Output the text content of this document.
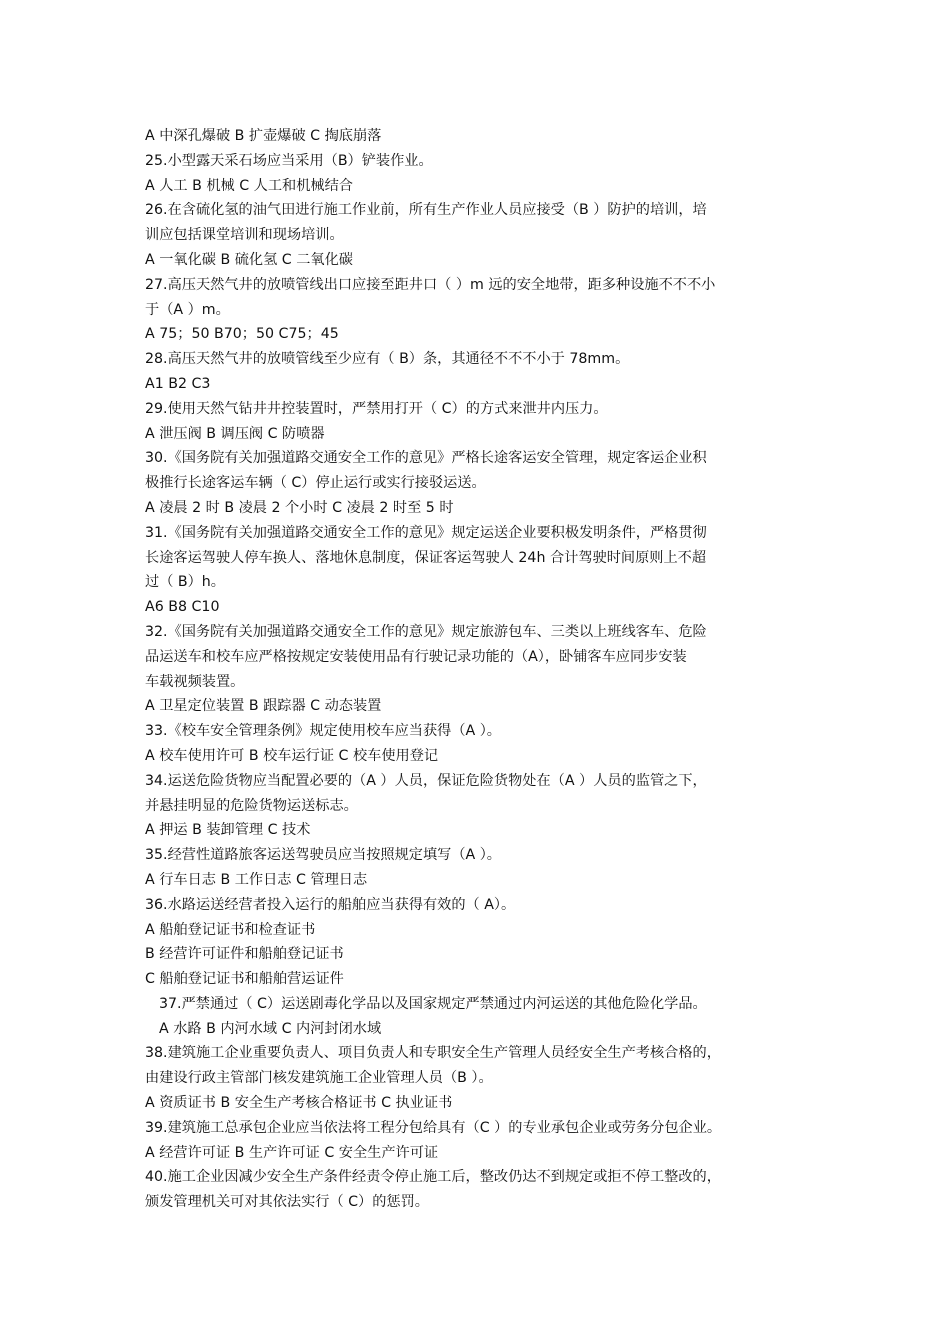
A 中深孔爆破 B 扩壶爆破 C 掏底崩落
25.小型露天采石场应当采用（B）铲装作业。
A 人工 B 机械 C 人工和机械结合
26.在含硫化氢的油气田进行施工作业前，所有生产作业人员应接受（B ）防护的培训，培
训应包括课堂培训和现场培训。
A 一氧化碳 B 硫化氢 C 二氧化碳
27.高压天然气井的放喷管线出口应接至距井口（ ）m 远的安全地带，距多种设施不不不小
于（A ）m。
A 75；50 B70；50 C75；45
28.高压天然气井的放喷管线至少应有（ B）条，其通径不不不小于 78mm。
A1 B2 C3
29.使用天然气钻井井控装置时，严禁用打开（ C）的方式来泄井内压力。
A 泄压阀 B 调压阀 C 防喷器
30.《国务院有关加强道路交通安全工作的意见》严格长途客运安全管理，规定客运企业积
极推行长途客运车辆（ C）停止运行或实行接驳运送。
A 凌晨 2 时 B 凌晨 2 个小时 C 凌晨 2 时至 5 时
31.《国务院有关加强道路交通安全工作的意见》规定运送企业要积极发明条件，严格贯彻
长途客运驾驶人停车换人、落地休息制度，保证客运驾驶人 24h 合计驾驶时间原则上不超
过（ B）h。
A6 B8 C10
32.《国务院有关加强道路交通安全工作的意见》规定旅游包车、三类以上班线客车、危险
品运送车和校车应严格按规定安装使用品有行驶记录功能的（A），卧铺客车应同步安装
车载视频装置。
A 卫星定位装置 B 跟踪器 C 动态装置
33.《校车安全管理条例》规定使用校车应当获得（A ）。
A 校车使用许可 B 校车运行证 C 校车使用登记
34.运送危险货物应当配置必要的（A ）人员，保证危险货物处在（A ）人员的监管之下，
并悬挂明显的危险货物运送标志。
A 押运 B 装卸管理 C 技术
35.经营性道路旅客运送驾驶员应当按照规定填写（A ）。
A 行车日志 B 工作日志 C 管理日志
36.水路运送经营者投入运行的船舶应当获得有效的（ A）。
A 船舶登记证书和检查证书
B 经营许可证件和船舶登记证书
C 船舶登记证书和船舶营运证件
37.严禁通过（ C）运送剧毒化学品以及国家规定严禁通过内河运送的其他危险化学品。
A 水路 B 内河水域 C 内河封闭水域
38.建筑施工企业重要负责人、项目负责人和专职安全生产管理人员经安全生产考核合格的，
由建设行政主管部门核发建筑施工企业管理人员（B ）。
A 资质证书 B 安全生产考核合格证书 C 执业证书
39.建筑施工总承包企业应当依法将工程分包给具有（C ）的专业承包企业或劳务分包企业。
A 经营许可证 B 生产许可证 C 安全生产许可证
40.施工企业因减少安全生产条件经责令停止施工后，整改仍达不到规定或拒不停工整改的，
颁发管理机关可对其依法实行（ C）的惩罚。
